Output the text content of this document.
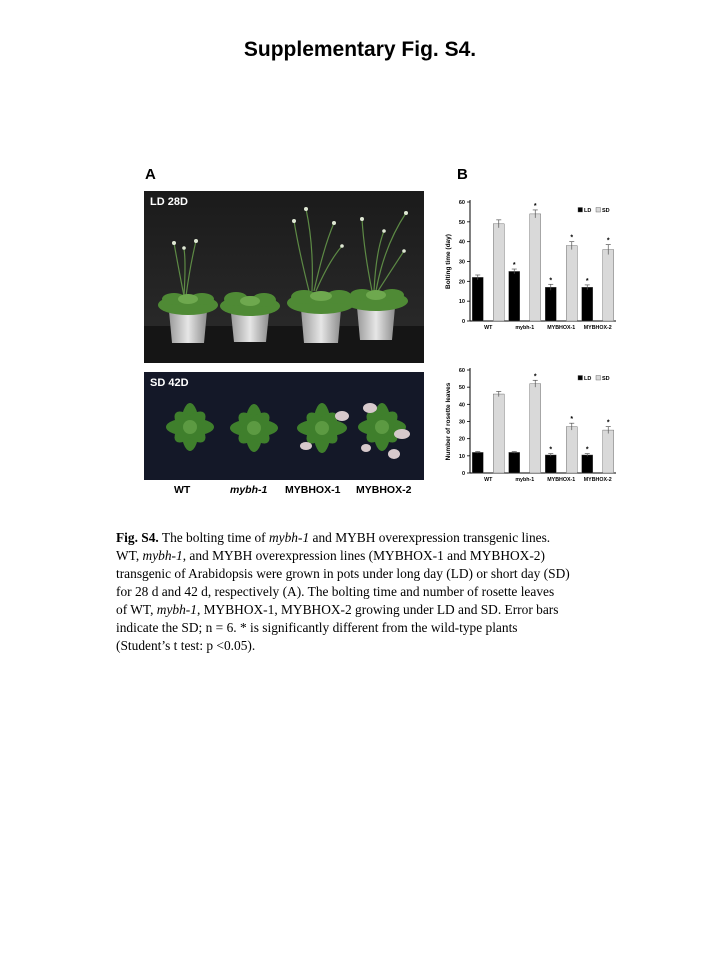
Supplementary Fig. S4.
A	B
LD 28D
SD 42D
WT	mybh-1 MYBHOX-1 MYBHOX-2
0
10
20
30
40
50
60
Bolting time (day)
WT
*
*
mybh-1
*
*
MYBHOX-1
*
*
MYBHOX-2
LD SD
0
10
20
30
40
50
60
Number of rosette leaves
WT
*
mybh-1
*
*
MYBHOX-1
*
*
MYBHOX-2
LD SD
Fig. S4. The bolting time of mybh-1 and MYBH overexpression transgenic lines.
WT, mybh-1, and MYBH overexpression lines (MYBHOX-1 and MYBHOX-2)
transgenic of Arabidopsis were grown in pots under long day (LD) or short day (SD)
for 28 d and 42 d, respectively (A). The bolting time and number of rosette leaves
of WT, mybh-1, MYBHOX-1, MYBHOX-2 growing under LD and SD. Error bars
indicate the SD; n = 6. * is significantly different from the wild-type plants
(Student’s t test: p <0.05).
